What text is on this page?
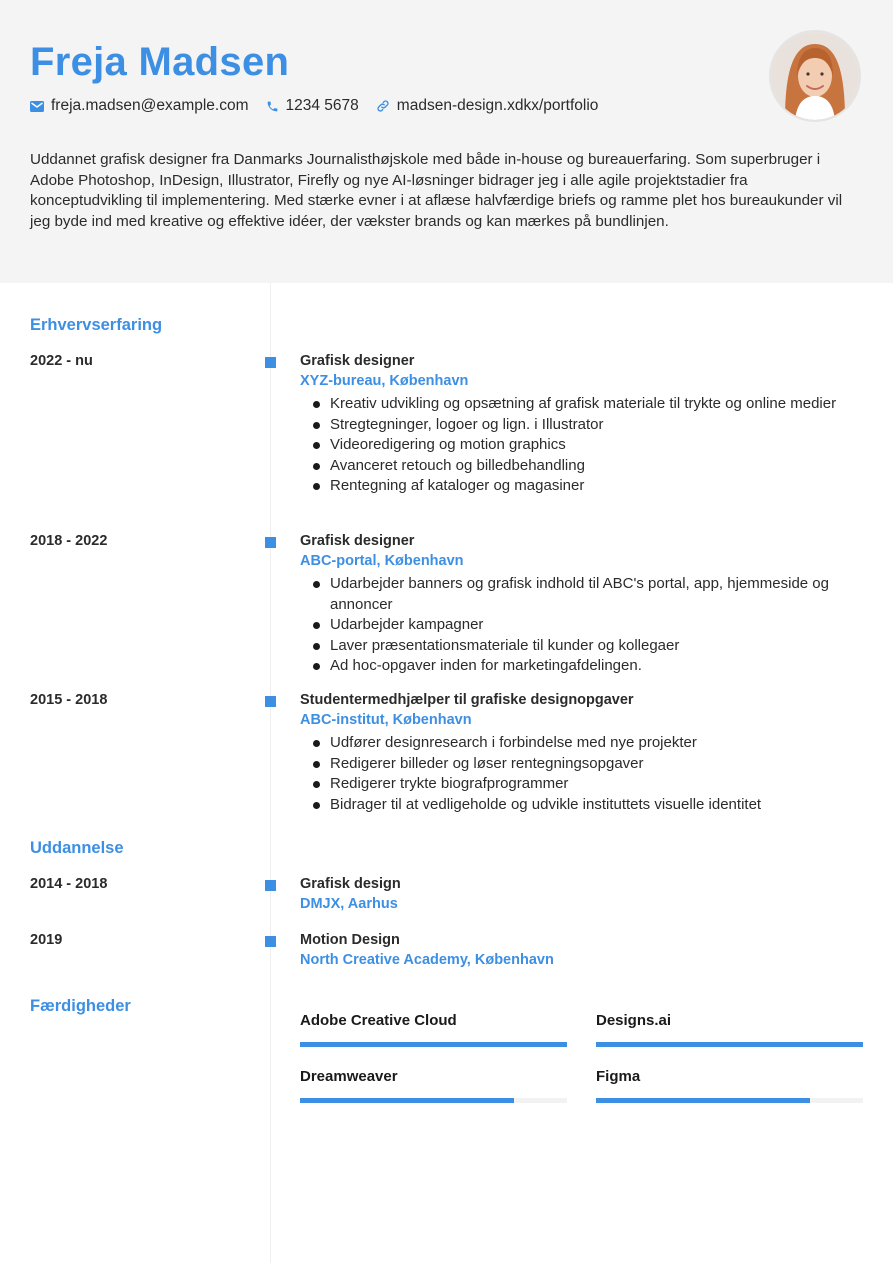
Freja Madsen
freja.madsen@example.com 1234 5678 madsen-design.xdkx/portfolio
Uddannet grafisk designer fra Danmarks Journalisthøjskole med både in-house og bureauerfaring. Som superbruger i Adobe Photoshop, InDesign, Illustrator, Firefly og nye AI-løsninger bidrager jeg i alle agile projektstadier fra konceptudvikling til implementering. Med stærke evner i at aflæse halvfærdige briefs og ramme plet hos bureaukunder vil jeg byde ind med kreative og effektive idéer, der vækster brands og kan mærkes på bundlinjen.
Erhvervserfaring
2022 - nu	Grafisk designer
XYZ-bureau, København
Kreativ udvikling og opsætning af grafisk materiale til trykte og online medier
Stregtegninger, logoer og lign. i Illustrator
Videoredigering og motion graphics
Avanceret retouch og billedbehandling
Rentegning af kataloger og magasiner
2018 - 2022	Grafisk designer
ABC-portal, København
Udarbejder banners og grafisk indhold til ABC's portal, app, hjemmeside og annoncer
Udarbejder kampagner
Laver præsentationsmateriale til kunder og kollegaer
Ad hoc-opgaver inden for marketingafdelingen.
2015 - 2018	Studentermedhjælper til grafiske designopgaver
ABC-institut, København
Udfører designresearch i forbindelse med nye projekter
Redigerer billeder og løser rentegningsopgaver
Redigerer trykte biografprogrammer
Bidrager til at vedligeholde og udvikle instituttets visuelle identitet
Uddannelse
2014 - 2018	Grafisk design
DMJX, Aarhus
2019	Motion Design
North Creative Academy, København
Færdigheder
Adobe Creative Cloud	Designs.ai
Dreamweaver	Figma
